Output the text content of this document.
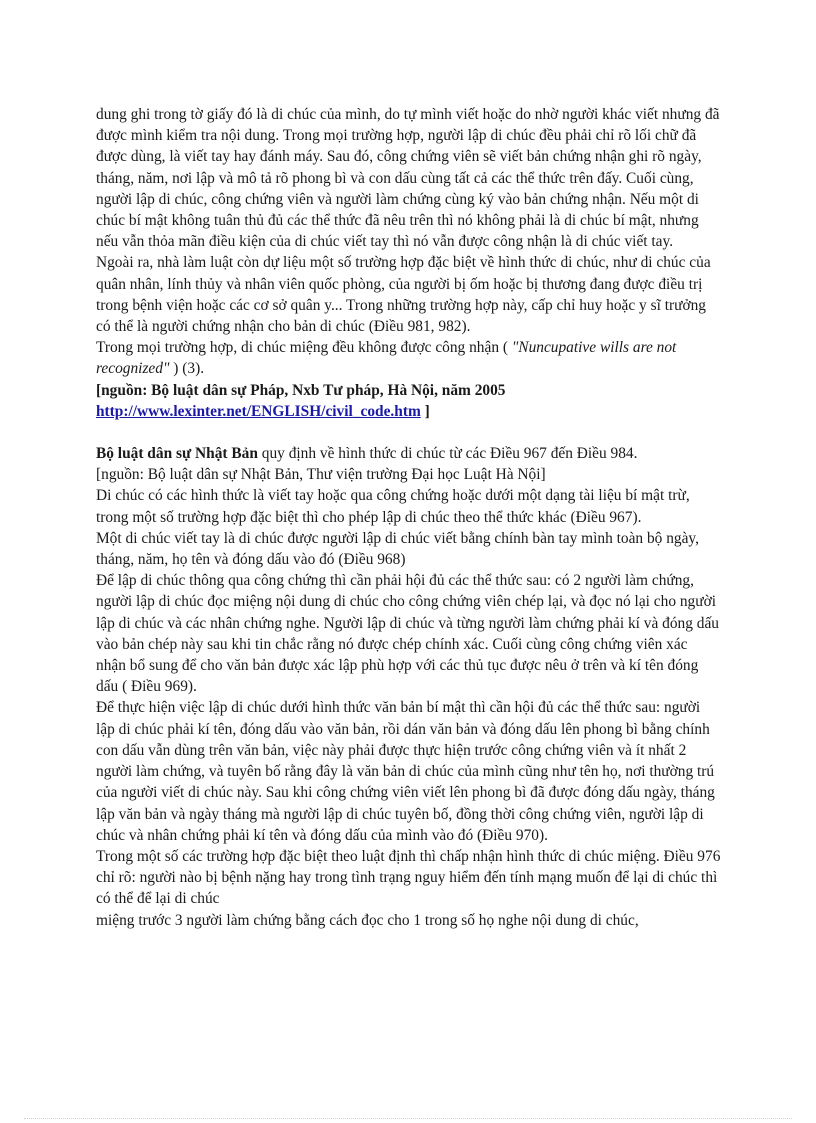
dung ghi trong tờ giấy đó là di chúc của mình, do tự mình viết hoặc do nhờ người khác viết nhưng đã được mình kiểm tra nội dung. Trong mọi trường hợp, người lập di chúc đều phải chỉ rõ lối chữ đã được dùng, là viết tay hay đánh máy. Sau đó, công chứng viên sẽ viết bản chứng nhận ghi rõ ngày, tháng, năm, nơi lập và mô tả rõ phong bì và con dấu cùng tất cả các thể thức trên đấy. Cuối cùng, người lập di chúc, công chứng viên và người làm chứng cùng ký vào bản chứng nhận. Nếu một di chúc bí mật không tuân thủ đủ các thể thức đã nêu trên thì nó không phải là di chúc bí mật, nhưng nếu vẫn thỏa mãn điều kiện của di chúc viết tay thì nó vẫn được công nhận là di chúc viết tay.

Ngoài ra, nhà làm luật còn dự liệu một số trường hợp đặc biệt về hình thức di chúc, như di chúc của quân nhân, lính thủy và nhân viên quốc phòng, của người bị ốm hoặc bị thương đang được điều trị trong bệnh viện hoặc các cơ sở quân y... Trong những trường hợp này, cấp chỉ huy hoặc y sĩ trưởng có thể là người chứng nhận cho bản di chúc (Điều 981, 982).

Trong mọi trường hợp, di chúc miệng đều không được công nhận ( "Nuncupative wills are not recognized" ) (3).

[nguồn: Bộ luật dân sự Pháp, Nxb Tư pháp, Hà Nội, năm 2005
http://www.lexinter.net/ENGLISH/civil_code.htm ]

Bộ luật dân sự Nhật Bản quy định về hình thức di chúc từ các Điều 967 đến Điều 984.

[nguồn: Bộ luật dân sự Nhật Bản, Thư viện trường Đại học Luật Hà Nội]

Di chúc có các hình thức là viết tay hoặc qua công chứng hoặc dưới một dạng tài liệu bí mật trừ, trong một số trường hợp đặc biệt thì cho phép lập di chúc theo thể thức khác (Điều 967).

Một di chúc viết tay là di chúc được người lập di chúc viết bằng chính bàn tay mình toàn bộ ngày, tháng, năm, họ tên và đóng dấu vào đó (Điều 968)

Để lập di chúc thông qua công chứng thì cần phải hội đủ các thể thức sau: có 2 người làm chứng, người lập di chúc đọc miệng nội dung di chúc cho công chứng viên chép lại, và đọc nó lại cho người lập di chúc và các nhân chứng nghe. Người lập di chúc và từng người làm chứng phải kí và đóng dấu vào bản chép này sau khi tin chắc rằng nó được chép chính xác. Cuối cùng công chứng viên xác nhận bổ sung để cho văn bản được xác lập phù hợp với các thủ tục được nêu ở trên và kí tên đóng dấu ( Điều 969).

Để thực hiện việc lập di chúc dưới hình thức văn bản bí mật thì cần hội đủ các thể thức sau: người lập di chúc phải kí tên, đóng dấu vào văn bản, rồi dán văn bản và đóng dấu lên phong bì bằng chính con dấu vẫn dùng trên văn bản, việc này phải được thực hiện trước công chứng viên và ít nhất 2 người làm chứng, và tuyên bố rằng đây là văn bản di chúc của mình cũng như tên họ, nơi thường trú của người viết di chúc này. Sau khi công chứng viên viết lên phong bì đã được đóng dấu ngày, tháng lập văn bản và ngày tháng mà người lập di chúc tuyên bố, đồng thời công chứng viên, người lập di chúc và nhân chứng phải kí tên và đóng dấu của mình vào đó (Điều 970).

Trong một số các trường hợp đặc biệt theo luật định thì chấp nhận hình thức di chúc miệng. Điều 976 chỉ rõ: người nào bị bệnh nặng hay trong tình trạng nguy hiểm đến tính mạng muốn để lại di chúc thì có thể để lại di chúc

miệng trước 3 người làm chứng bằng cách đọc cho 1 trong số họ nghe nội dung di chúc,
